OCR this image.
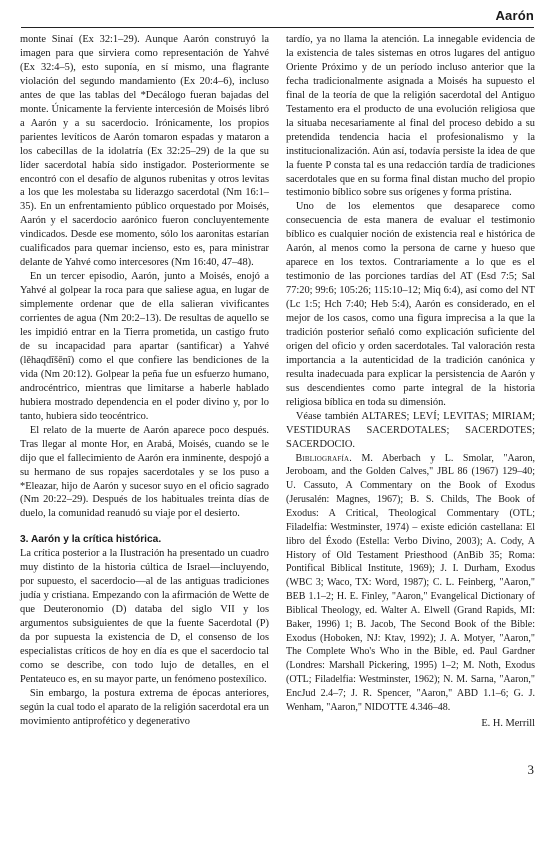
Aarón

monte Sinaí (Ex 32:1–29). Aunque Aarón construyó la imagen para que sirviera como representación de Yahvé (Ex 32:4–5), esto suponía, en sí mismo, una flagrante violación del segundo mandamiento (Ex 20:4–6), incluso antes de que las tablas del *Decálogo fueran bajadas del monte. Únicamente la ferviente intercesión de Moisés libró a Aarón y a su sacerdocio. Irónicamente, los propios parientes levíticos de Aarón tomaron espadas y mataron a los cabecillas de la idolatría (Ex 32:25–29) de la que su líder sacerdotal había sido instigador. Posteriormente se encontró con el desafío de algunos rubenitas y otros levitas a los que les molestaba su liderazgo sacerdotal (Nm 16:1–35). En un enfrentamiento público orquestado por Moisés, Aarón y el sacerdocio aarónico fueron concluyentemente vindicados. Desde ese momento, sólo los aaronitas estarían cualificados para quemar incienso, esto es, para ministrar delante de Yahvé como intercesores (Nm 16:40, 47–48).

En un tercer episodio, Aarón, junto a Moisés, enojó a Yahvé al golpear la roca para que saliese agua, en lugar de simplemente ordenar que de ella salieran vivificantes corrientes de agua (Nm 20:2–13). De resultas de aquello se les impidió entrar en la Tierra prometida, un castigo fruto de su incapacidad para apartar (santificar) a Yahvé (lěhaqdîšēnî) como el que confiere las bendiciones de la vida (Nm 20:12). Golpear la peña fue un esfuerzo humano, androcéntrico, mientras que limitarse a haberle hablado hubiera mostrado dependencia en el poder divino y, por lo tanto, hubiera sido teocéntrico.

El relato de la muerte de Aarón aparece poco después. Tras llegar al monte Hor, en Arabá, Moisés, cuando se le dijo que el fallecimiento de Aarón era inminente, despojó a su hermano de sus ropajes sacerdotales y se los puso a *Eleazar, hijo de Aarón y sucesor suyo en el oficio sagrado (Nm 20:22–29). Después de los habituales treinta días de duelo, la comunidad reanudó su viaje por el desierto.

3. Aarón y la crítica histórica.

La crítica posterior a la Ilustración ha presentado un cuadro muy distinto de la historia cúltica de Israel—incluyendo, por supuesto, el sacerdocio—al de las antiguas tradiciones judía y cristiana. Empezando con la afirmación de Wette de que Deuteronomio (D) databa del siglo VII y los argumentos subsiguientes de que la fuente Sacerdotal (P) da por supuesta la existencia de D, el consenso de los especialistas críticos de hoy en día es que el sacerdocio tal como se describe, con todo lujo de detalles, en el Pentateuco es, en su mayor parte, un fenómeno postexílico.

Sin embargo, la postura extrema de épocas anteriores, según la cual todo el aparato de la religión sacerdotal era un movimiento antiprofético y degenerativo

tardío, ya no llama la atención. La innegable evidencia de la existencia de tales sistemas en otros lugares del antiguo Oriente Próximo y de un período incluso anterior que la fecha tradicionalmente asignada a Moisés ha supuesto el final de la teoría de que la religión sacerdotal del Antiguo Testamento era el producto de una evolución religiosa que la situaba necesariamente al final del proceso debido a su pretendida tendencia hacia el profesionalismo y la institucionalización. Aún así, todavía persiste la idea de que la fuente P consta tal es una redacción tardía de tradiciones sacerdotales que en su forma final distan mucho del propio testimonio bíblico sobre sus orígenes y forma prístina.

Uno de los elementos que desaparece como consecuencia de esta manera de evaluar el testimonio bíblico es cualquier noción de existencia real e histórica de Aarón, al menos como la persona de carne y hueso que aparece en los textos. Contrariamente a lo que es el testimonio de las porciones tardías del AT (Esd 7:5; Sal 77:20; 99:6; 105:26; 115:10–12; Miq 6:4), así como del NT (Lc 1:5; Hch 7:40; Heb 5:4), Aarón es considerado, en el mejor de los casos, como una figura imprecisa a la que la tradición posterior señaló como explicación suficiente del origen del oficio y orden sacerdotales. Tal valoración resta importancia a la autenticidad de la tradición canónica y resulta inadecuada para explicar la persistencia de Aarón y sus descendientes como parte integral de la historia religiosa bíblica en toda su dimensión.

Véase también ALTARES; LEVÍ; LEVITAS; MIRIAM; VESTIDURAS SACERDOTALES; SACERDOTES; SACERDOCIO.

Bibliografía. M. Aberbach y L. Smolar, "Aaron, Jeroboam, and the Golden Calves," JBL 86 (1967) 129–40; U. Cassuto, A Commentary on the Book of Exodus (Jerusalén: Magnes, 1967); B. S. Childs, The Book of Exodus: A Critical, Theological Commentary (OTL; Filadelfia: Westminster, 1974) – existe edición castellana: El libro del Éxodo (Estella: Verbo Divino, 2003); A. Cody, A History of Old Testament Priesthood (AnBib 35; Roma: Pontifical Biblical Institute, 1969); J. I. Durham, Exodus (WBC 3; Waco, TX: Word, 1987); C. L. Feinberg, "Aaron," BEB 1.1–2; H. E. Finley, "Aaron," Evangelical Dictionary of Biblical Theology, ed. Walter A. Elwell (Grand Rapids, MI: Baker, 1996) 1; B. Jacob, The Second Book of the Bible: Exodus (Hoboken, NJ: Ktav, 1992); J. A. Motyer, "Aaron," The Complete Who's Who in the Bible, ed. Paul Gardner (Londres: Marshall Pickering, 1995) 1–2; M. Noth, Exodus (OTL; Filadelfia: Westminster, 1962); N. M. Sarna, "Aaron," EncJud 2.4–7; J. R. Spencer, "Aaron," ABD 1.1–6; G. J. Wenham, "Aaron," NIDOTTE 4.346–48.

E. H. Merrill
3
